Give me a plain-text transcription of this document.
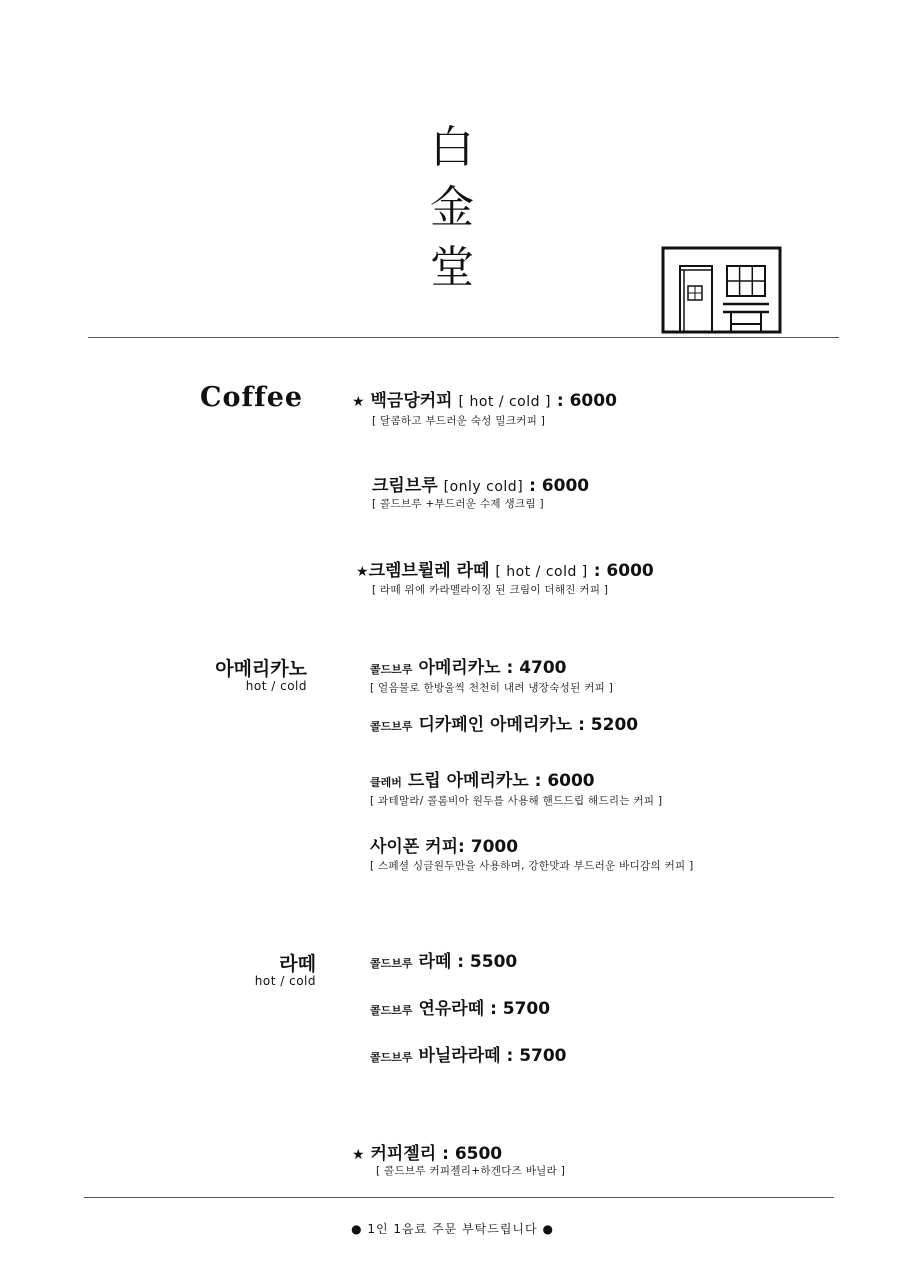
白
金
堂
Coffee	★ 백금당커피 [ hot / cold ] : 6000
[ 달콤하고 부드러운 숙성 밀크커피 ]
크림브루 [only cold] : 6000
[ 콜드브루 +부드러운 수제 생크림 ]
★크렘브륄레 라떼 [ hot / cold ] : 6000
[ 라떼 위에 카라멜라이징 된 크림이 더해진 커피 ]
아메리카노
hot / cold
콜드브루 아메리카노 : 4700
[ 얼음물로 한방울씩 천천히 내려 냉장숙성된 커피 ]
콜드브루 디카페인 아메리카노 : 5200
클레버 드립 아메리카노 : 6000
[ 과테말라/ 콜롬비아 원두를 사용해 핸드드립 해드리는 커피 ]
사이폰 커피: 7000
[ 스페셜 싱글원두만을 사용하며, 강한맛과 부드러운 바디감의 커피 ]
라떼
hot / cold
콜드브루 라떼 : 5500
콜드브루 연유라떼 : 5700
콜드브루 바닐라라떼 : 5700
★ 커피젤리 : 6500
[ 콜드브루 커피젤리+하겐다즈 바닐라 ]
● 1인 1음료 주문 부탁드립니다 ●
